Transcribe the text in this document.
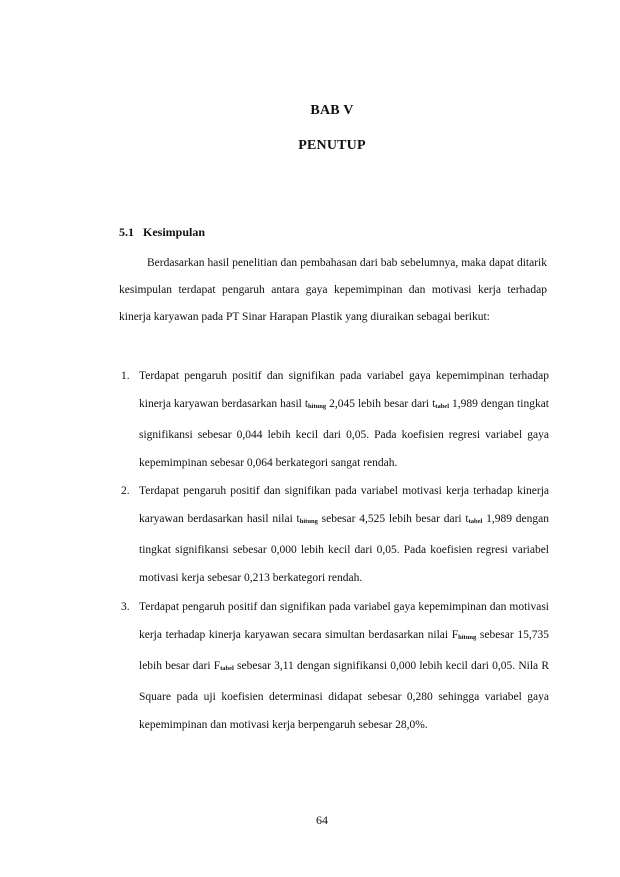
BAB V
PENUTUP
5.1 Kesimpulan
Berdasarkan hasil penelitian dan pembahasan dari bab sebelumnya, maka dapat ditarik kesimpulan terdapat pengaruh antara gaya kepemimpinan dan motivasi kerja terhadap kinerja karyawan pada PT Sinar Harapan Plastik yang diuraikan sebagai berikut:
1. Terdapat pengaruh positif dan signifikan pada variabel gaya kepemimpinan terhadap kinerja karyawan berdasarkan hasil $t_{hitung}$ 2,045 lebih besar dari $t_{tabel}$ 1,989 dengan tingkat signifikansi sebesar 0,044 lebih kecil dari 0,05. Pada koefisien regresi variabel gaya kepemimpinan sebesar 0,064 berkategori sangat rendah.
2. Terdapat pengaruh positif dan signifikan pada variabel motivasi kerja terhadap kinerja karyawan berdasarkan hasil nilai $t_{hitung}$ sebesar 4,525 lebih besar dari $t_{tabel}$ 1,989 dengan tingkat signifikansi sebesar 0,000 lebih kecil dari 0,05. Pada koefisien regresi variabel motivasi kerja sebesar 0,213 berkategori rendah.
3. Terdapat pengaruh positif dan signifikan pada variabel gaya kepemimpinan dan motivasi kerja terhadap kinerja karyawan secara simultan berdasarkan nilai $F_{hitung}$ sebesar 15,735 lebih besar dari $F_{tabel}$ sebesar 3,11 dengan signifikansi 0,000 lebih kecil dari 0,05. Nila R Square pada uji koefisien determinasi didapat sebesar 0,280 sehingga variabel gaya kepemimpinan dan motivasi kerja berpengaruh sebesar 28,0%.
64
